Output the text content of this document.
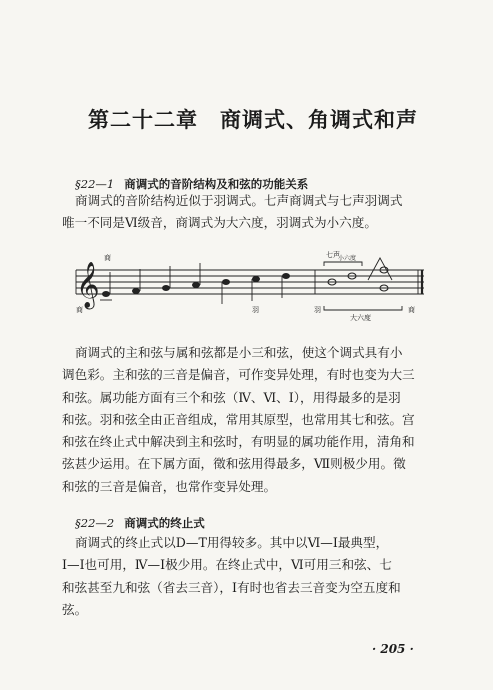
第二十二章 商调式、角调式和声
§22—1 商调式的音阶结构及和弦的功能关系
商调式的音阶结构近似于羽调式。七声商调式与七声羽调式
唯一不同是Ⅵ级音，商调式为大六度，羽调式为小六度。
𝄞
商	七声
小六度
大六度
商	羽	羽	商
商调式的主和弦与属和弦都是小三和弦，使这个调式具有小
调色彩。主和弦的三音是偏音，可作变异处理，有时也变为大三
和弦。属功能方面有三个和弦（Ⅳ、Ⅵ、Ⅰ），用得最多的是羽
和弦。羽和弦全由正音组成，常用其原型，也常用其七和弦。宫
和弦在终止式中解决到主和弦时，有明显的属功能作用，清角和
弦甚少运用。在下属方面，徵和弦用得最多，Ⅶ则极少用。徵
和弦的三音是偏音，也常作变异处理。
§22—2 商调式的终止式
商调式的终止式以D—T用得较多。其中以Ⅵ—Ⅰ最典型，
Ⅰ—Ⅰ也可用，Ⅳ—Ⅰ极少用。在终止式中，Ⅵ可用三和弦、七
和弦甚至九和弦（省去三音），Ⅰ有时也省去三音变为空五度和
弦。
· 205 ·
